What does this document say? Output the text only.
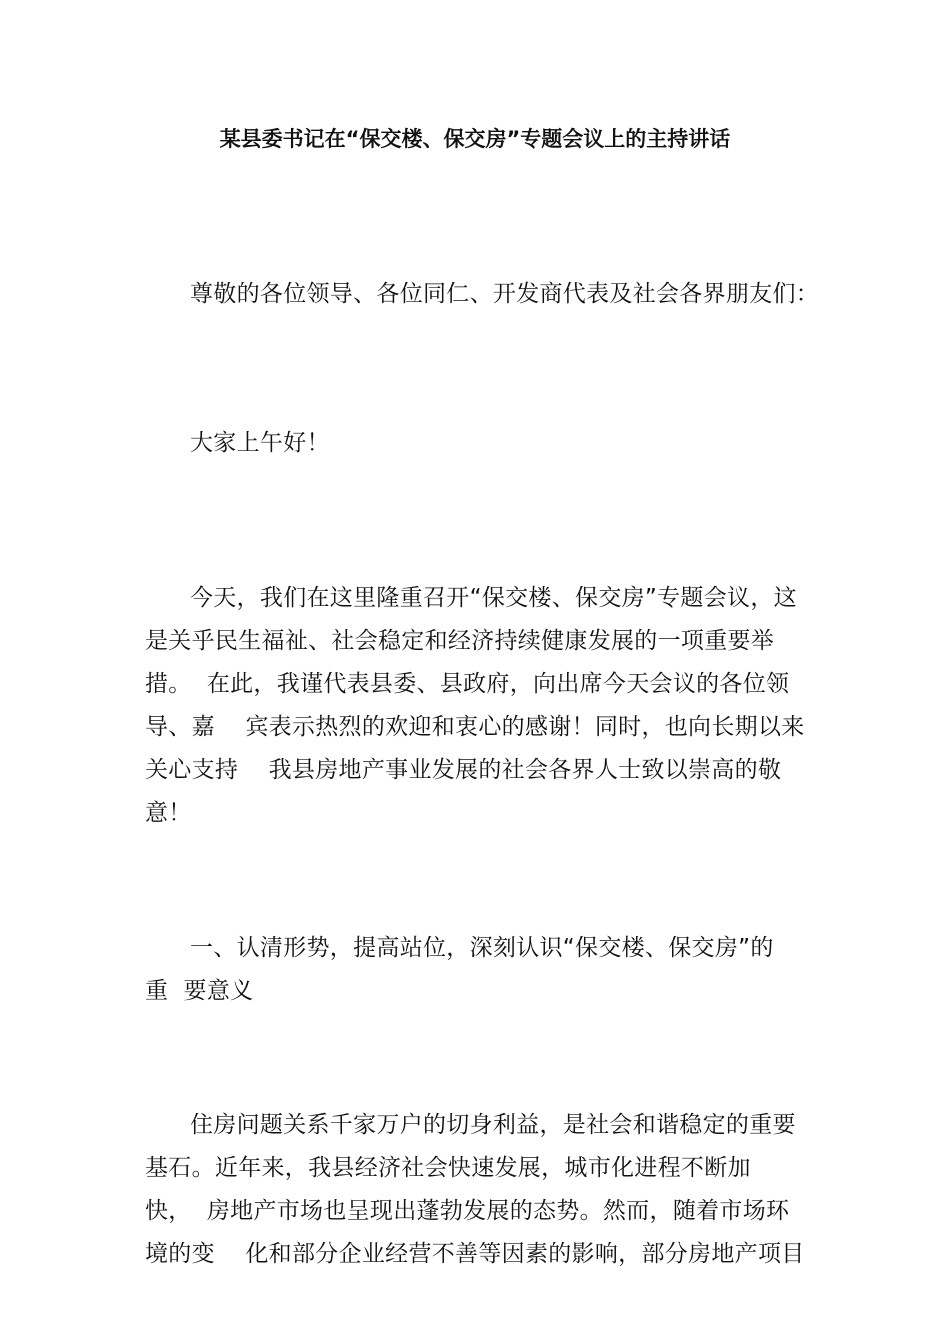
某县委书记在“保交楼、保交房”专题会议上的主持讲话
尊敬的各位领导、各位同仁、开发商代表及社会各界朋友们：
大家上午好！
今天，我们在这里隆重召开“保交楼、保交房”专题会议，这
是关乎民生福祉、社会稳定和经济持续健康发展的一项重要举
措。  在此，我谨代表县委、县政府，向出席今天会议的各位领
导、嘉    宾表示热烈的欢迎和衷心的感谢！同时，也向长期以来
关心支持    我县房地产事业发展的社会各界人士致以崇高的敬
意！
一、认清形势，提高站位，深刻认识“保交楼、保交房”的
重  要意义
住房问题关系千家万户的切身利益，是社会和谐稳定的重要
基石。近年来，我县经济社会快速发展，城市化进程不断加
快，  房地产市场也呈现出蓬勃发展的态势。然而，随着市场环
境的变    化和部分企业经营不善等因素的影响，部分房地产项目
